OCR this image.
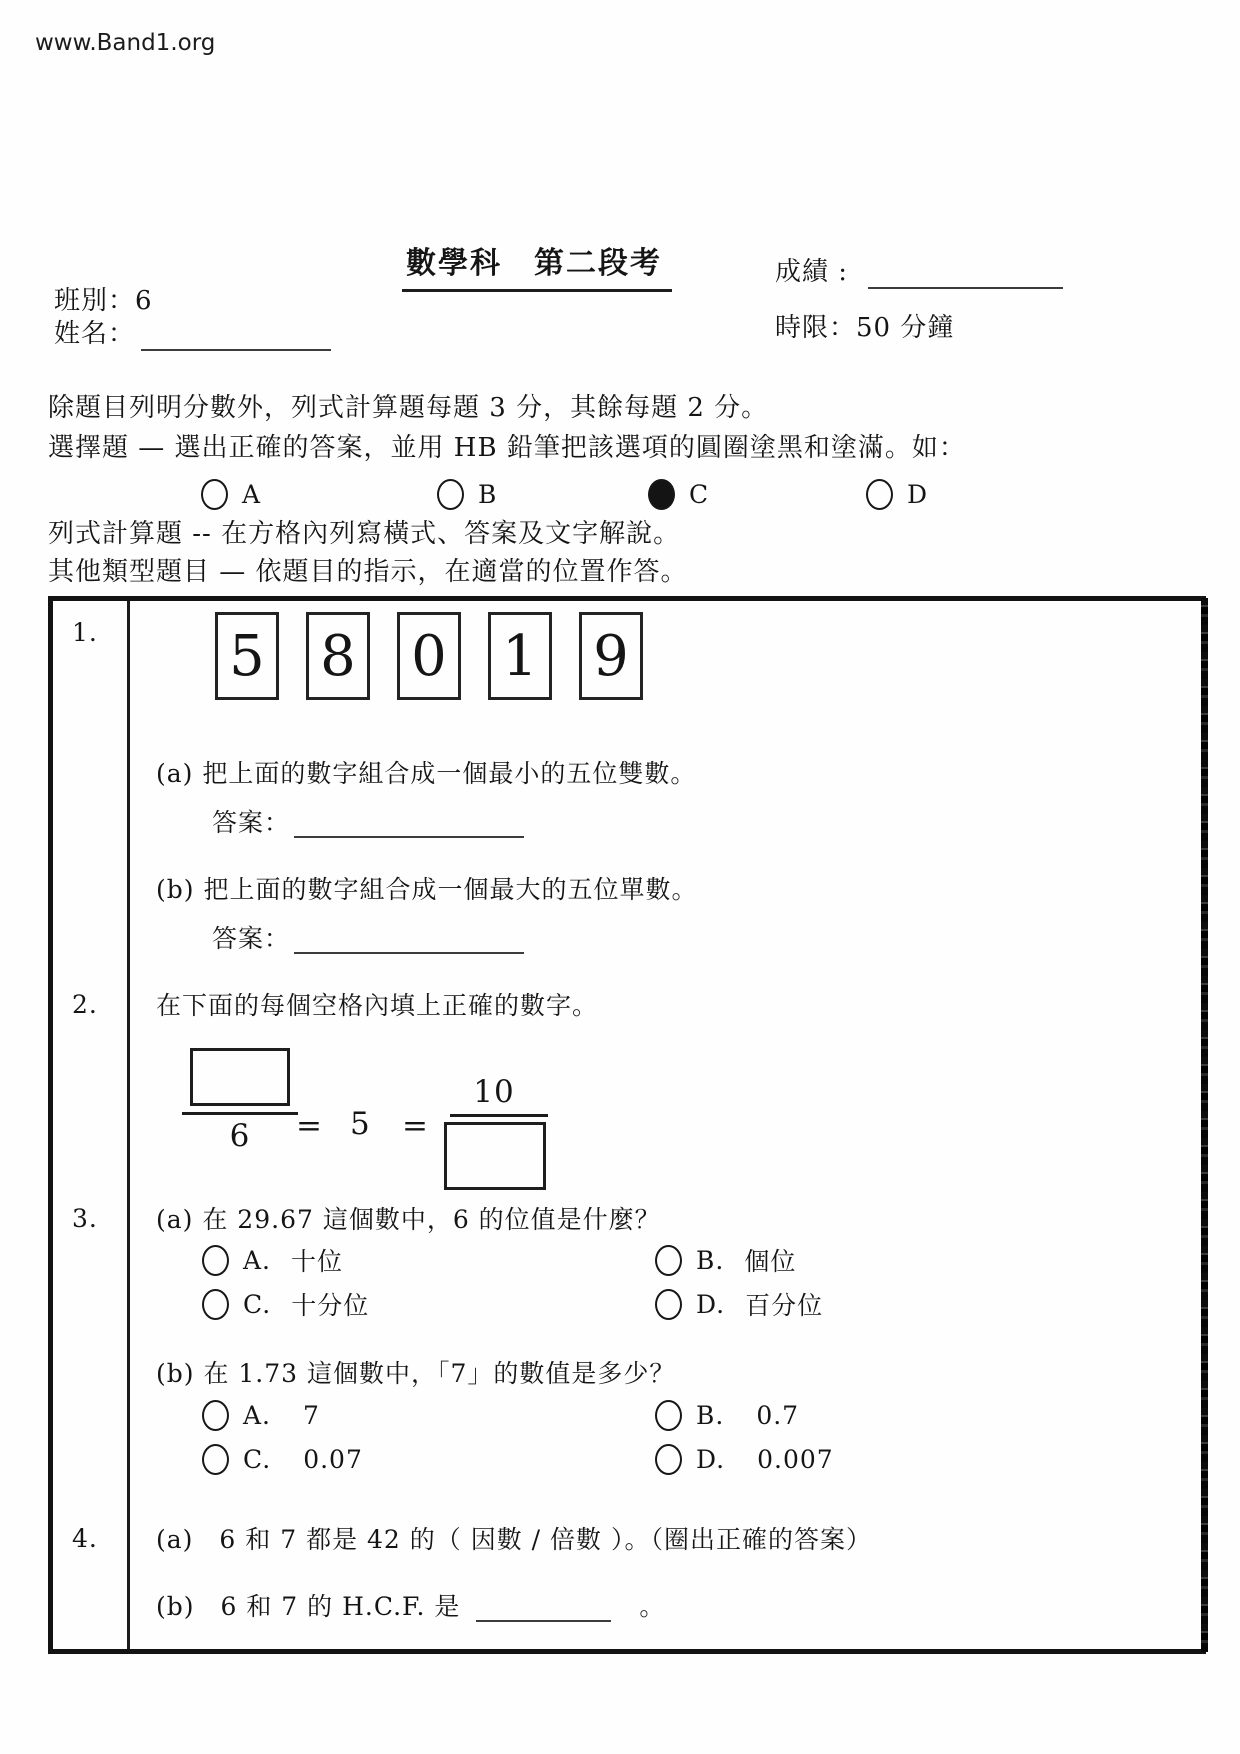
www.Band1.org
數學科　第二段考
班別：6
成績 :
姓名：	時限：50 分鐘
除題目列明分數外，列式計算題每題 3 分，其餘每題 2 分。
選擇題 — 選出正確的答案，並用 HB 鉛筆把該選項的圓圈塗黑和塗滿。如：
A	B	C	D
列式計算題 -- 在方格內列寫橫式、答案及文字解說。
其他類型題目 — 依題目的指示，在適當的位置作答。
1. 5 8 0 1 9
(a) 把上面的數字組合成一個最小的五位雙數。
答案：
(b) 把上面的數字組合成一個最大的五位單數。
答案：
2. 在下面的每個空格內填上正確的數字。
6	= 5 =
10
3. (a) 在 29.67 這個數中，6 的位值是什麼？
A. 十位	B. 個位
C. 十分位	D. 百分位
(b) 在 1.73 這個數中，「7」的數值是多少？
A. 7	B. 0.7
C. 0.07	D. 0.007
4. (a)　6 和 7 都是 42 的（ 因數 / 倍數 ）。（圈出正確的答案）
(b)　6 和 7 的 H.C.F. 是	。
